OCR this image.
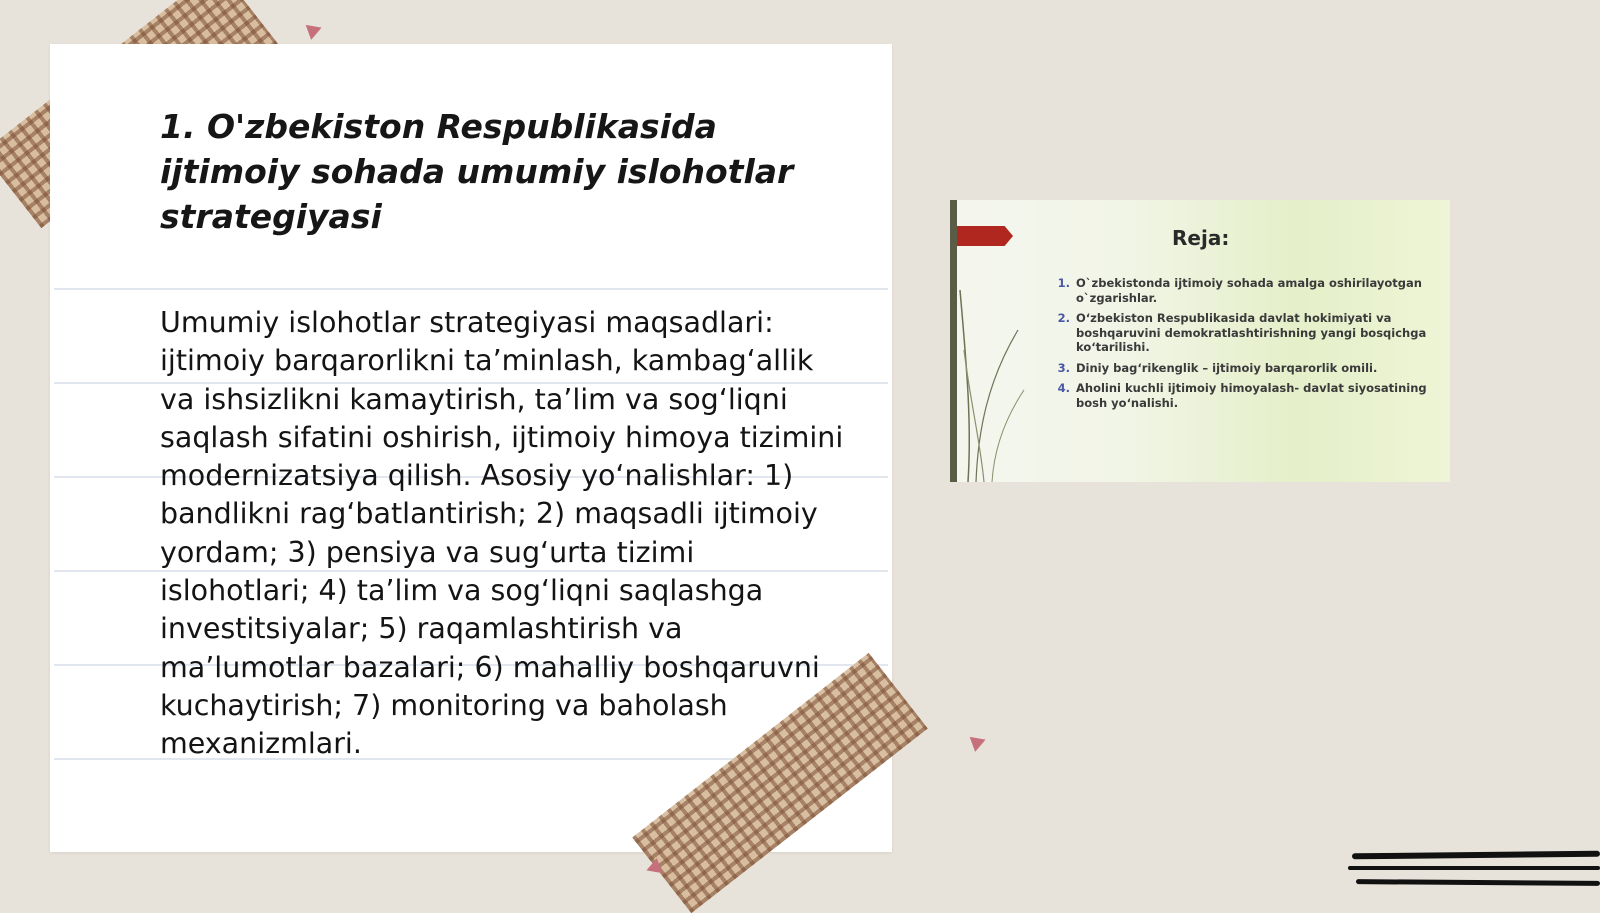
1. O'zbekiston Respublikasida ijtimoiy sohada umumiy islohotlar strategiyasi

Umumiy islohotlar strategiyasi maqsadlari: ijtimoiy barqarorlikni ta’minlash, kambag‘allik va ishsizlikni kamaytirish, ta’lim va sog‘liqni saqlash sifatini oshirish, ijtimoiy himoya tizimini modernizatsiya qilish. Asosiy yo‘nalishlar: 1) bandlikni rag‘batlantirish; 2) maqsadli ijtimoiy yordam; 3) pensiya va sug‘urta tizimi islohotlari; 4) ta’lim va sog‘liqni saqlashga investitsiyalar; 5) raqamlashtirish va ma’lumotlar bazalari; 6) mahalliy boshqaruvni kuchaytirish; 7) monitoring va baholash mexanizmlari.

Reja:
1. O`zbekistonda ijtimoiy sohada amalga oshirilayotgan o`zgarishlar.
2. O‘zbekiston Respublikasida davlat hokimiyati va boshqaruvini demokratlashtirishning yangi bosqichga ko‘tarilishi.
3. Diniy bag‘rikenglik – ijtimoiy barqarorlik omili.
4. Aholini kuchli ijtimoiy himoyalash- davlat siyosatining bosh yo‘nalishi.
